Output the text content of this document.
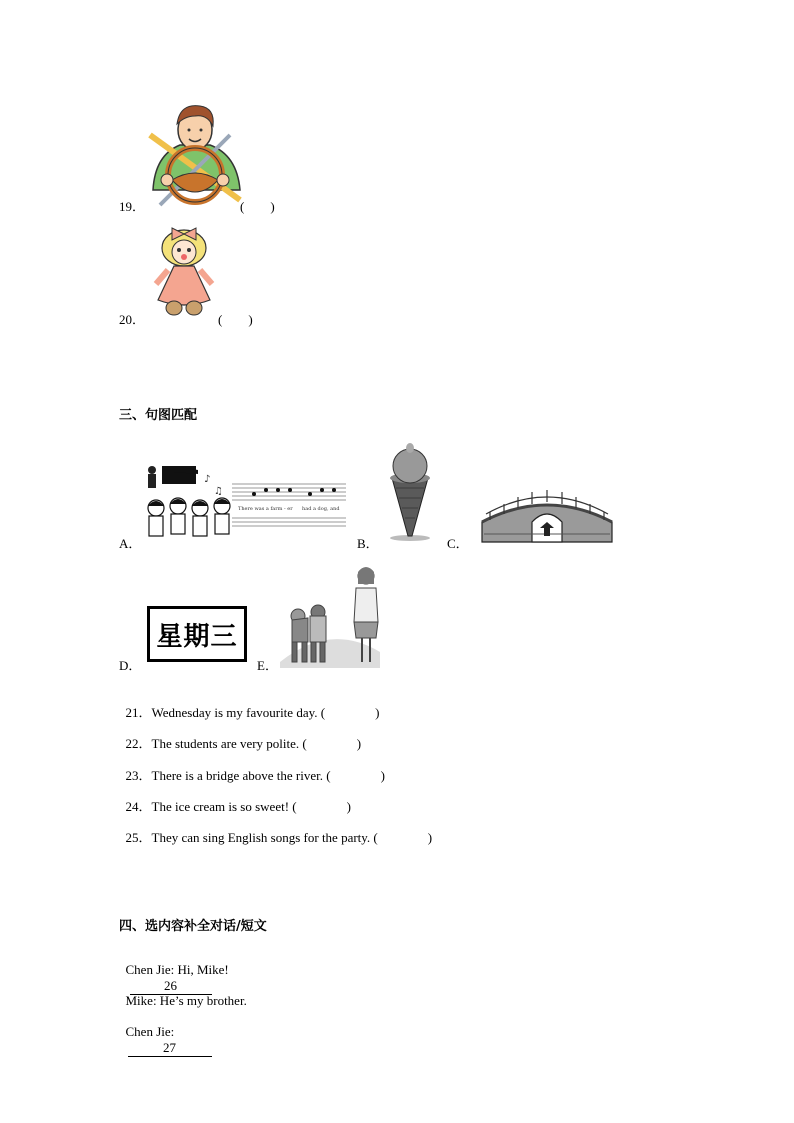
19．	(　　)
20．	(　　)
三、句图匹配
A．
♪
♫
There was a farm - er had a dog, and
B．	C．
D．
星期三
E．

21．Wednesday is my favourite day. (	)

22．The students are very polite. (	)

23．There is a bridge above the river. (	)

24．The ice cream is so sweet! (	)

25．They can sing English songs for the party. (	)

四、选内容补全对话/短文

Chen Jie: Hi, Mike!
26

Mike: He’s my brother.

Chen Jie:
27
